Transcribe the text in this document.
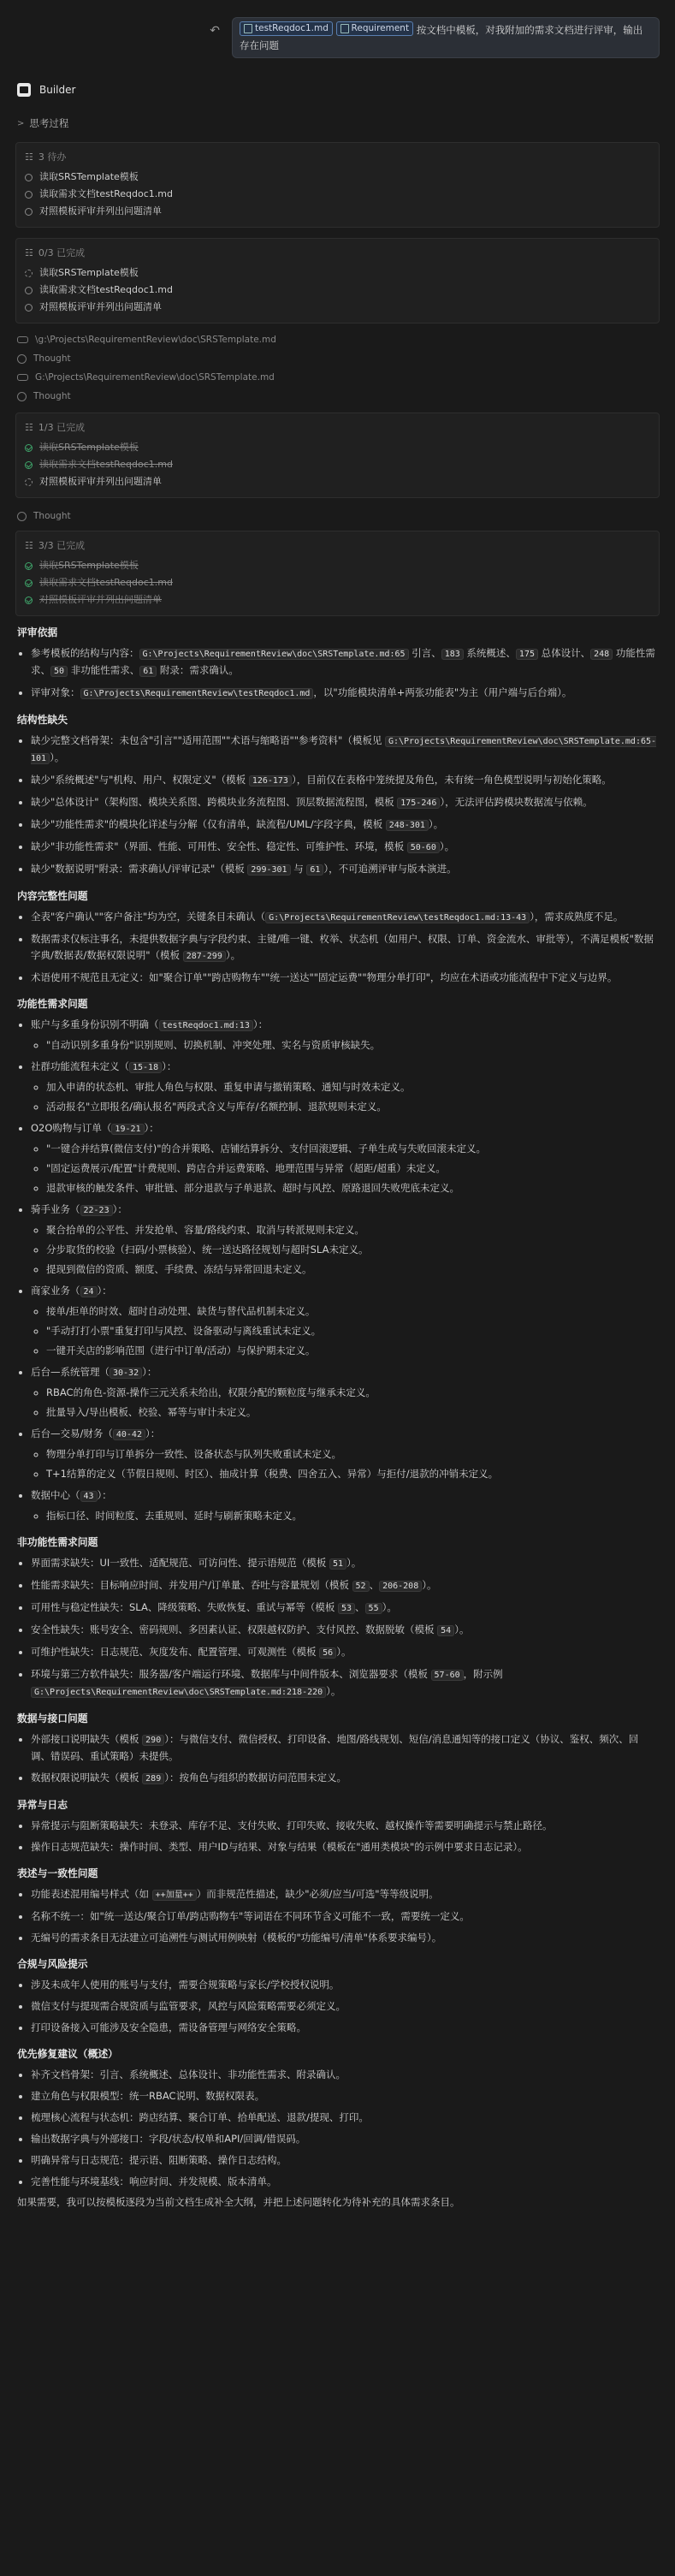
↶	testReqdoc1.md
	Requirement 按文档中模板，对我附加的需求文档进行评审，输出存在问题
Builder
> 思考过程
☷ 3 待办
读取SRSTemplate模板
读取需求文档testReqdoc1.md
对照模板评审并列出问题清单
☷ 0/3 已完成
读取SRSTemplate模板
读取需求文档testReqdoc1.md
对照模板评审并列出问题清单
\g:\Projects\RequirementReview\doc\SRSTemplate.md
Thought
G:\Projects\RequirementReview\doc\SRSTemplate.md
Thought
☷ 1/3 已完成
读取SRSTemplate模板
读取需求文档testReqdoc1.md
对照模板评审并列出问题清单
Thought
☷ 3/3 已完成
读取SRSTemplate模板
读取需求文档testReqdoc1.md
对照模板评审并列出问题清单
评审依据
• 参考模板的结构与内容： G:\Projects\RequirementReview\doc\SRSTemplate.md:65 引言、 183 系统概述、 175 总体设计、 248 功能性需求、 50 非功能性需求、 61 附录：需求确认。
• 评审对象： G:\Projects\RequirementReview\testReqdoc1.md ，以"功能模块清单+两张功能表"为主（用户端与后台端）。
结构性缺失
• 缺少完整文档骨架：未包含"引言""适用范围""术语与缩略语""参考资料"（模板见 G:\Projects\RequirementReview\doc\SRSTemplate.md:65-101 ）。
• 缺少"系统概述"与"机构、用户、权限定义"（模板 126-173 ），目前仅在表格中笼统提及角色，未有统一角色模型说明与初始化策略。
• 缺少"总体设计"（架构图、模块关系图、跨模块业务流程图、顶层数据流程图，模板 175-246 ），无法评估跨模块数据流与依赖。
• 缺少"功能性需求"的模块化详述与分解（仅有清单，缺流程/UML/字段字典，模板 248-301 ）。
• 缺少"非功能性需求"（界面、性能、可用性、安全性、稳定性、可维护性、环境，模板 50-60 ）。
• 缺少"数据说明"附录：需求确认/评审记录"（模板 299-301 与 61 ），不可追溯评审与版本演进。
内容完整性问题
• 全表"客户确认""客户备注"均为空，关键条目未确认（ G:\Projects\RequirementReview\testReqdoc1.md:13-43 ），需求成熟度不足。
• 数据需求仅标注事名，未提供数据字典与字段约束、主键/唯一键、枚举、状态机（如用户、权限、订单、资金流水、审批等），不满足模板"数据字典/数据表/数据权限说明"（模板 287-299 ）。
• 术语使用不规范且无定义：如"聚合订单""跨店购物车""统一送达""固定运费""物理分单打印"，均应在术语或功能流程中下定义与边界。
功能性需求问题
• 账户与多重身份识别不明确（ testReqdoc1.md:13 ）：
◦ "自动识别多重身份"识别规则、切换机制、冲突处理、实名与资质审核缺失。
• 社群功能流程未定义（ 15-18 ）：
◦ 加入申请的状态机、审批人角色与权限、重复申请与撤销策略、通知与时效未定义。
◦ 活动报名"立即报名/确认报名"两段式含义与库存/名额控制、退款规则未定义。
• O2O购物与订单（ 19-21 ）：
◦ "一键合并结算(微信支付)"的合并策略、店铺结算拆分、支付回滚逻辑、子单生成与失败回滚未定义。
◦ "固定运费展示/配置"计费规则、跨店合并运费策略、地理范围与异常（超距/超重）未定义。
◦ 退款审核的触发条件、审批链、部分退款与子单退款、超时与风控、原路退回失败兜底未定义。
• 骑手业务（ 22-23 ）：
◦ 聚合拾单的公平性、并发抢单、容量/路线约束、取消与转派规则未定义。
◦ 分步取货的校验（扫码/小票核验）、统一送达路径规划与超时SLA未定义。
◦ 提现到微信的资质、额度、手续费、冻结与异常回退未定义。
• 商家业务（ 24 ）：
◦ 接单/拒单的时效、超时自动处理、缺货与替代品机制未定义。
◦ "手动打打小票"重复打印与风控、设备驱动与离线重试未定义。
◦ 一键开关店的影响范围（进行中订单/活动）与保护期未定义。
• 后台—系统管理（ 30-32 ）：
◦ RBAC的角色-资源-操作三元关系未给出，权限分配的颗粒度与继承未定义。
◦ 批量导入/导出模板、校验、幂等与审计未定义。
• 后台—交易/财务（ 40-42 ）：
◦ 物理分单打印与订单拆分一致性、设备状态与队列失败重试未定义。
◦ T+1结算的定义（节假日规则、时区）、抽成计算（税费、四舍五入、异常）与拒付/退款的冲销未定义。
• 数据中心（ 43 ）：
◦ 指标口径、时间粒度、去重规则、延时与刷新策略未定义。
非功能性需求问题
• 界面需求缺失：UI一致性、适配规范、可访问性、提示语规范（模板 51 ）。
• 性能需求缺失：目标响应时间、并发用户/订单量、吞吐与容量规划（模板 52 、 206-208 ）。
• 可用性与稳定性缺失：SLA、降级策略、失败恢复、重试与幂等（模板 53 、 55 ）。
• 安全性缺失：账号安全、密码规则、多因素认证、权限越权防护、支付风控、数据脱敏（模板 54 ）。
• 可维护性缺失：日志规范、灰度发布、配置管理、可观测性（模板 56 ）。
• 环境与第三方软件缺失：服务器/客户端运行环境、数据库与中间件版本、浏览器要求（模板 57-60 ，附示例 G:\Projects\RequirementReview\doc\SRSTemplate.md:218-220 ）。
数据与接口问题
• 外部接口说明缺失（模板 290 ）：与微信支付、微信授权、打印设备、地图/路线规划、短信/消息通知等的接口定义（协议、鉴权、频次、回调、错误码、重试策略）未提供。
• 数据权限说明缺失（模板 289 ）：按角色与组织的数据访问范围未定义。
异常与日志
• 异常提示与阻断策略缺失：未登录、库存不足、支付失败、打印失败、接收失败、越权操作等需要明确提示与禁止路径。
• 操作日志规范缺失：操作时间、类型、用户ID与结果、对象与结果（模板在"通用类模块"的示例中要求日志记录）。
表述与一致性问题
• 功能表述混用编号样式（如 ++加量++ ）而非规范性描述，缺少"必须/应当/可选"等等级说明。
• 名称不统一：如"统一送达/聚合订单/跨店购物车"等词语在不同环节含义可能不一致，需要统一定义。
• 无编号的需求条目无法建立可追溯性与测试用例映射（模板的"功能编号/清单"体系要求编号）。
合规与风险提示
• 涉及未成年人使用的账号与支付，需要合规策略与家长/学校授权说明。
• 微信支付与提现需合规资质与监管要求，风控与风险策略需要必须定义。
• 打印设备接入可能涉及安全隐患，需设备管理与网络安全策略。
优先修复建议（概述）
• 补齐文档骨架：引言、系统概述、总体设计、非功能性需求、附录确认。
• 建立角色与权限模型：统一RBAC说明、数据权限表。
• 梳理核心流程与状态机：跨店结算、聚合订单、拾单配送、退款/提现、打印。
• 输出数据字典与外部接口：字段/状态/权单和API/回调/错误码。
• 明确异常与日志规范：提示语、阻断策略、操作日志结构。
• 完善性能与环境基线：响应时间、并发规模、版本清单。
如果需要，我可以按模板逐段为当前文档生成补全大纲，并把上述问题转化为待补充的具体需求条目。
